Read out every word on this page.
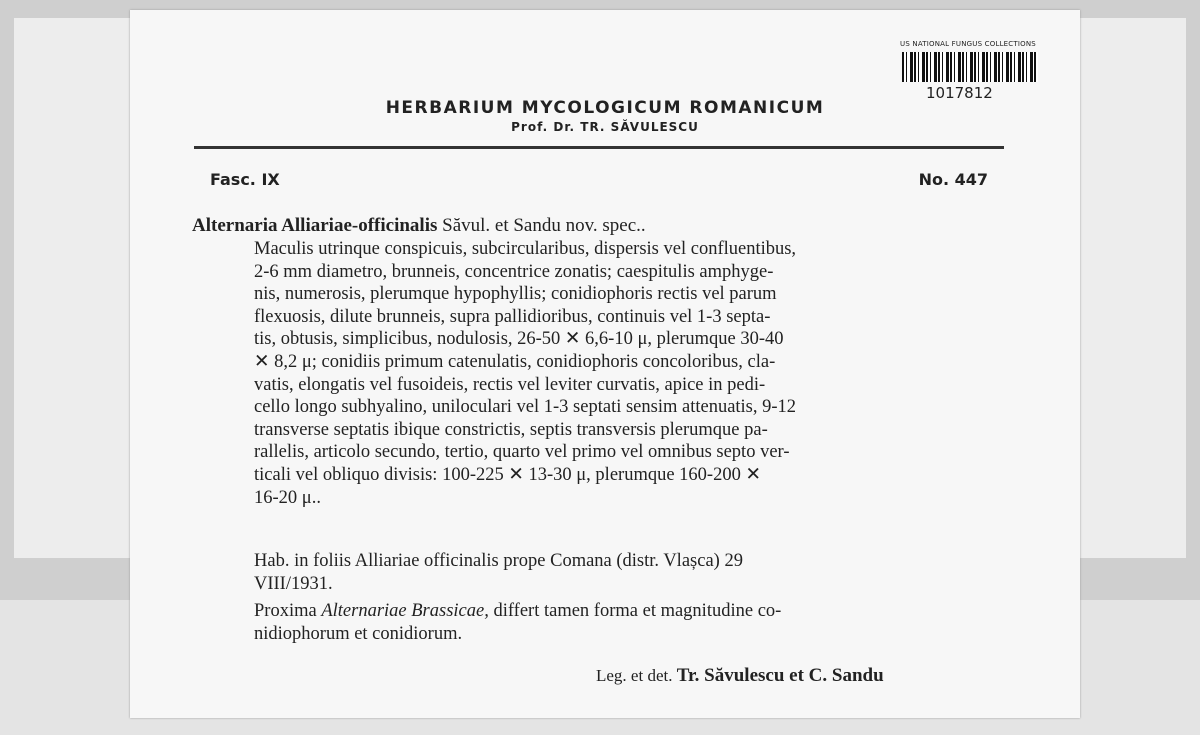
US NATIONAL FUNGUS COLLECTIONS
1017812
HERBARIUM MYCOLOGICUM ROMANICUM
Prof. Dr. TR. SĂVULESCU
Fasc. IX	No. 447
Alternaria Alliariae-officinalis Săvul. et Sandu nov. spec..
Maculis utrinque conspicuis, subcircularibus, dispersis vel confluentibus,
2-6 mm diametro, brunneis, concentrice zonatis; caespitulis amphyge-
nis, numerosis, plerumque hypophyllis; conidiophoris rectis vel parum
flexuosis, dilute brunneis, supra pallidioribus, continuis vel 1-3 septa-
tis, obtusis, simplicibus, nodulosis, 26-50 ✕ 6,6-10 μ, plerumque 30-40
✕ 8,2 μ; conidiis primum catenulatis, conidiophoris concoloribus, cla-
vatis, elongatis vel fusoideis, rectis vel leviter curvatis, apice in pedi-
cello longo subhyalino, uniloculari vel 1-3 septati sensim attenuatis, 9-12
transverse septatis ibique constrictis, septis transversis plerumque pa-
rallelis, articolo secundo, tertio, quarto vel primo vel omnibus septo ver-
ticali vel obliquo divisis: 100-225 ✕ 13-30 μ, plerumque 160-200 ✕
16-20 μ..
Hab. in foliis Alliariae officinalis prope Comana (distr. Vlașca) 29
VIII/1931.
Proxima Alternariae Brassicae, differt tamen forma et magnitudine co-
nidiophorum et conidiorum.
Leg. et det. Tr. Săvulescu et C. Sandu
